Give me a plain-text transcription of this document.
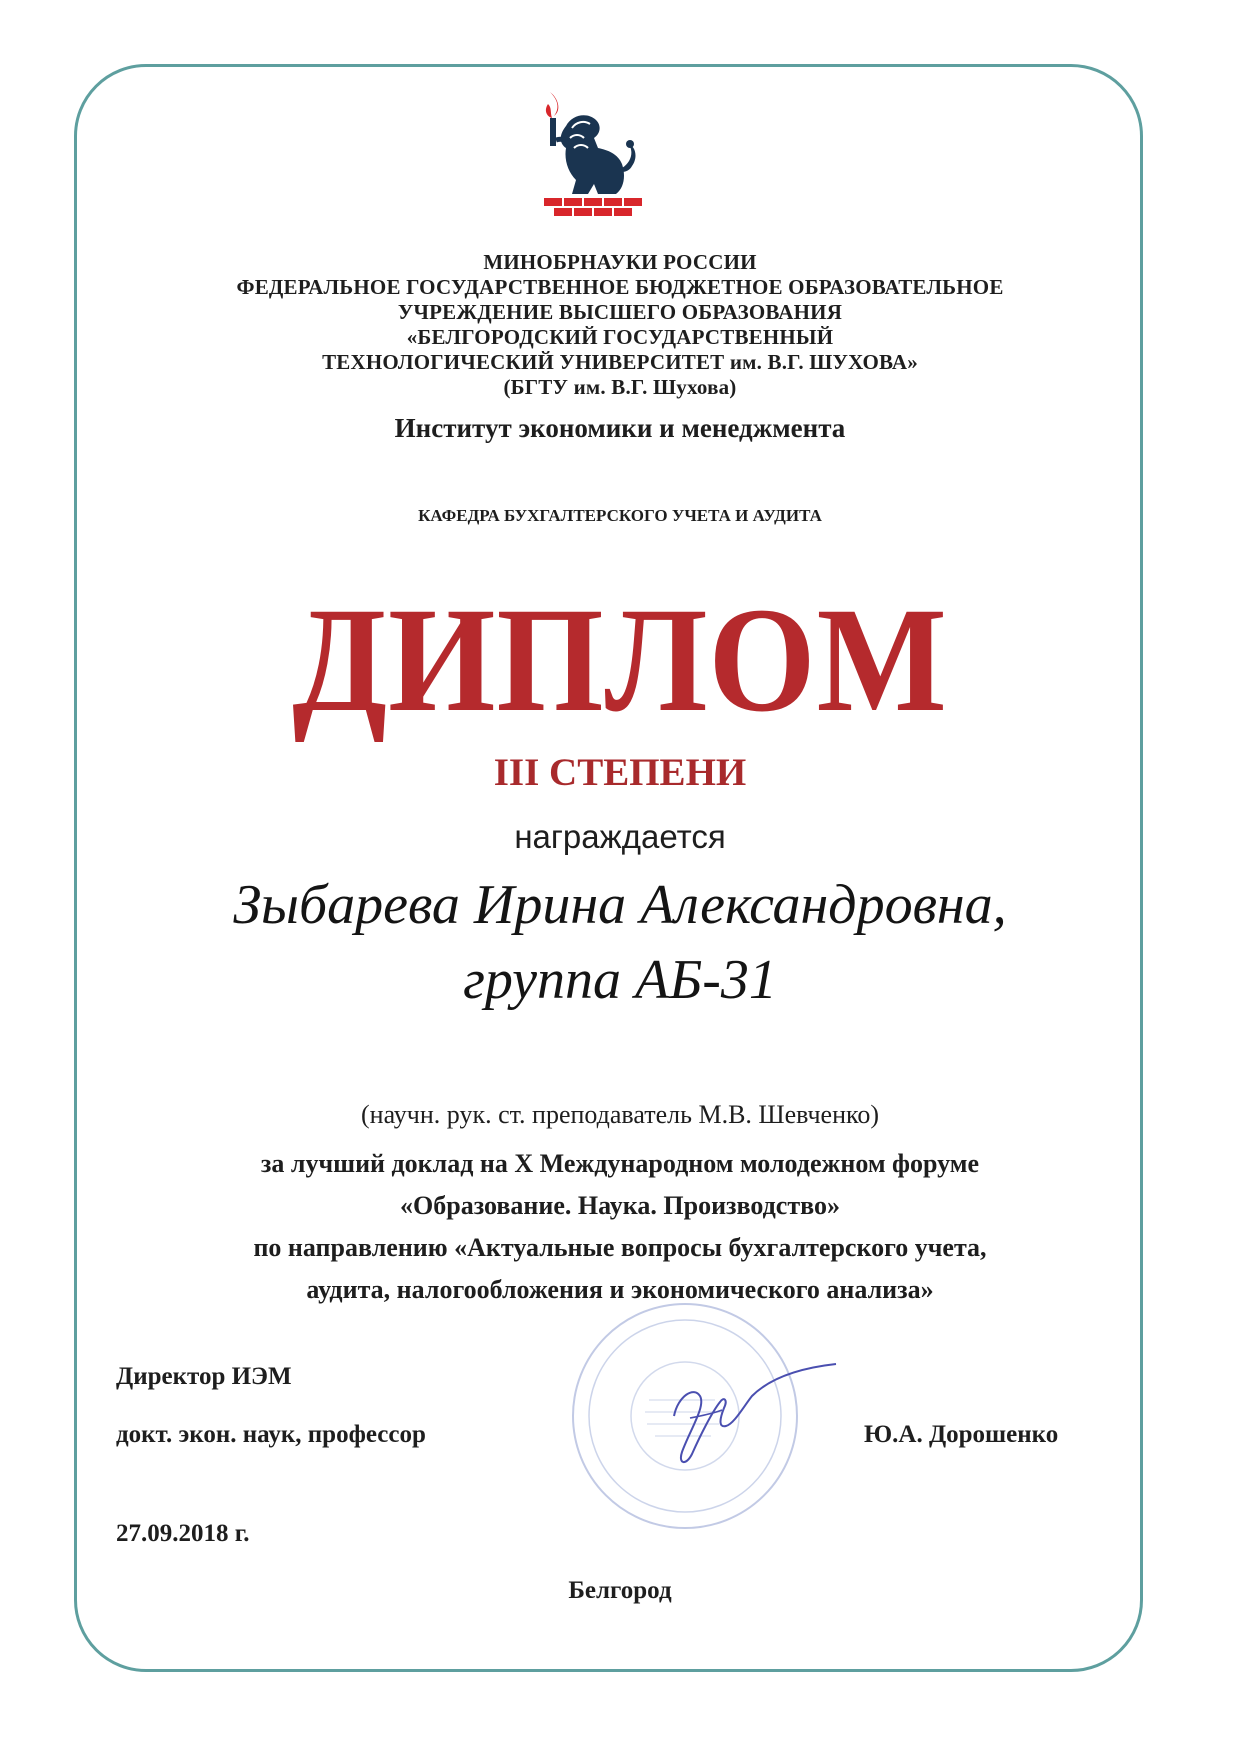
МИНОБРНАУКИ РОССИИ
ФЕДЕРАЛЬНОЕ ГОСУДАРСТВЕННОЕ БЮДЖЕТНОЕ ОБРАЗОВАТЕЛЬНОЕ
УЧРЕЖДЕНИЕ ВЫСШЕГО ОБРАЗОВАНИЯ
«БЕЛГОРОДСКИЙ ГОСУДАРСТВЕННЫЙ
ТЕХНОЛОГИЧЕСКИЙ УНИВЕРСИТЕТ им. В.Г. ШУХОВА»
(БГТУ им. В.Г. Шухова)
Институт экономики и менеджмента
КАФЕДРА БУХГАЛТЕРСКОГО УЧЕТА И АУДИТА
ДИПЛОМ
III СТЕПЕНИ
награждается
Зыбарева Ирина Александровна,
группа АБ-31
(научн. рук. ст. преподаватель М.В. Шевченко)
за лучший доклад на Х Международном молодежном форуме
«Образование. Наука. Производство»
по направлению «Актуальные вопросы бухгалтерского учета,
аудита, налогообложения и экономического анализа»
Директор ИЭМ
докт. экон. наук, профессор	Ю.А. Дорошенко
27.09.2018 г.
Белгород
